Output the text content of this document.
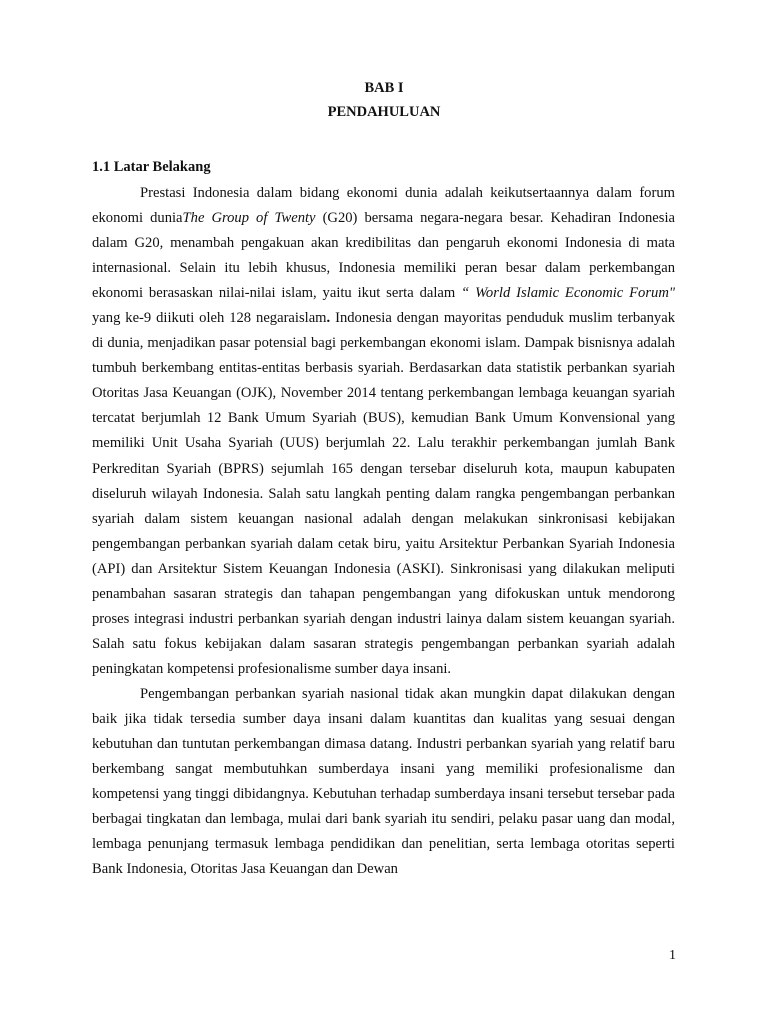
BAB I
PENDAHULUAN
1.1 Latar Belakang

Prestasi Indonesia dalam bidang ekonomi dunia adalah keikutsertaannya dalam forum ekonomi duniaThe Group of Twenty (G20) bersama negara-negara besar. Kehadiran Indonesia dalam G20, menambah pengakuan akan kredibilitas dan pengaruh ekonomi Indonesia di mata internasional. Selain itu lebih khusus, Indonesia memiliki peran besar dalam perkembangan ekonomi berasaskan nilai-nilai islam, yaitu ikut serta dalam “ World Islamic Economic Forum" yang ke-9 diikuti oleh 128 negaraislam. Indonesia dengan mayoritas penduduk muslim terbanyak di dunia, menjadikan pasar potensial bagi perkembangan ekonomi islam. Dampak bisnisnya adalah tumbuh berkembang entitas-entitas berbasis syariah. Berdasarkan data statistik perbankan syariah Otoritas Jasa Keuangan (OJK), November 2014 tentang perkembangan lembaga keuangan syariah tercatat berjumlah 12 Bank Umum Syariah (BUS), kemudian Bank Umum Konvensional yang memiliki Unit Usaha Syariah (UUS) berjumlah 22. Lalu terakhir perkembangan jumlah Bank Perkreditan Syariah (BPRS) sejumlah 165 dengan tersebar diseluruh kota, maupun kabupaten diseluruh wilayah Indonesia. Salah satu langkah penting dalam rangka pengembangan perbankan syariah dalam sistem keuangan nasional adalah dengan melakukan sinkronisasi kebijakan pengembangan perbankan syariah dalam cetak biru, yaitu Arsitektur Perbankan Syariah Indonesia (API) dan Arsitektur Sistem Keuangan Indonesia (ASKI). Sinkronisasi yang dilakukan meliputi penambahan sasaran strategis dan tahapan pengembangan yang difokuskan untuk mendorong proses integrasi industri perbankan syariah dengan industri lainya dalam sistem keuangan syariah. Salah satu fokus kebijakan dalam sasaran strategis pengembangan perbankan syariah adalah peningkatan kompetensi profesionalisme sumber daya insani.

Pengembangan perbankan syariah nasional tidak akan mungkin dapat dilakukan dengan baik jika tidak tersedia sumber daya insani dalam kuantitas dan kualitas yang sesuai dengan kebutuhan dan tuntutan perkembangan dimasa datang. Industri perbankan syariah yang relatif baru berkembang sangat membutuhkan sumberdaya insani yang memiliki profesionalisme dan kompetensi yang tinggi dibidangnya. Kebutuhan terhadap sumberdaya insani tersebut tersebar pada berbagai tingkatan dan lembaga, mulai dari bank syariah itu sendiri, pelaku pasar uang dan modal, lembaga penunjang termasuk lembaga pendidikan dan penelitian, serta lembaga otoritas seperti Bank Indonesia, Otoritas Jasa Keuangan dan Dewan

1
